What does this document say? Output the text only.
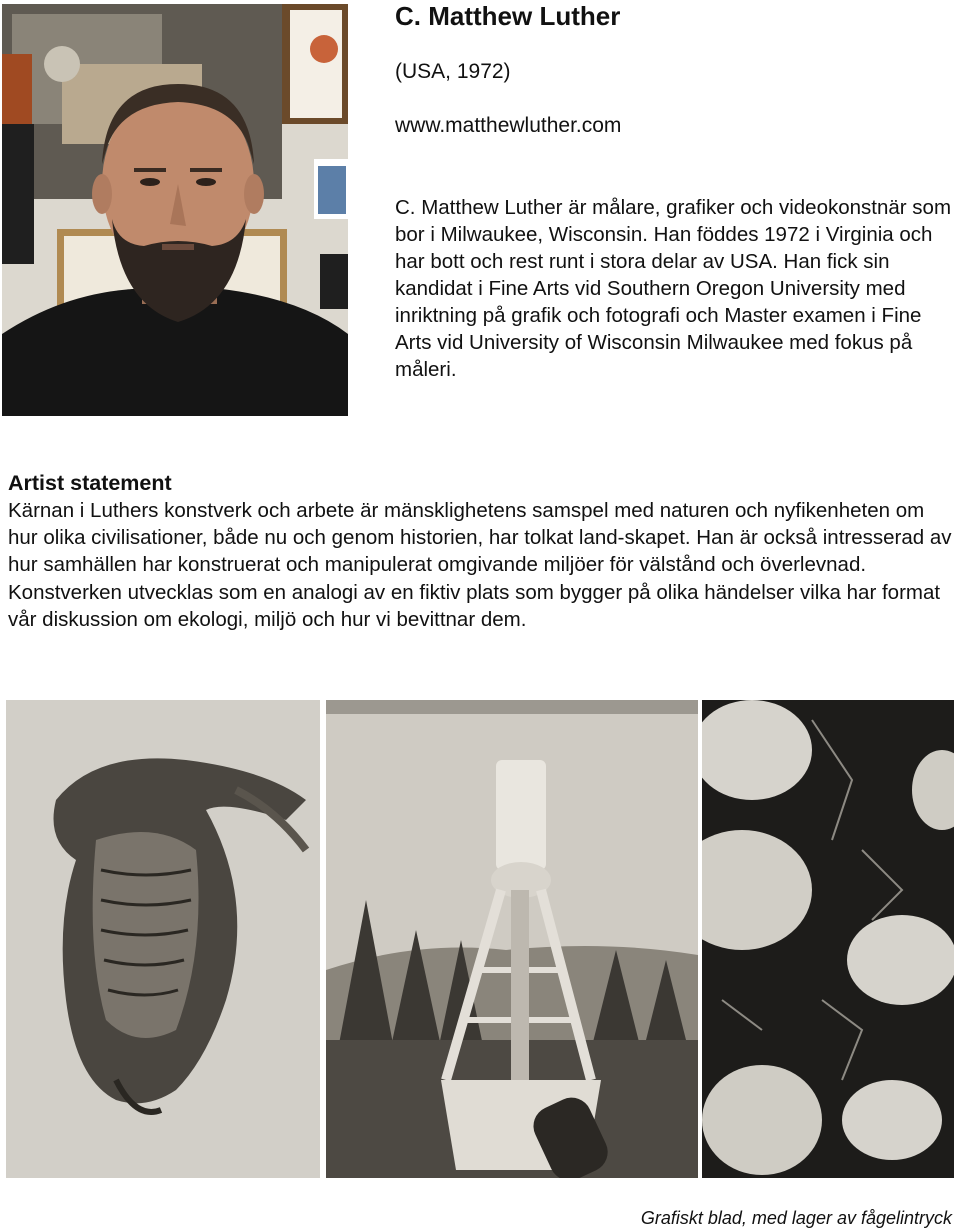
C. Matthew Luther
(USA, 1972)
www.matthewluther.com

C. Matthew Luther är målare, grafiker och videokonstnär som bor i Milwaukee, Wisconsin. Han föddes 1972 i Virginia och har bott och rest runt i stora delar av USA. Han fick sin kandidat i Fine Arts vid Southern Oregon University med inriktning på grafik och fotografi och Master examen i Fine Arts vid University of Wisconsin Milwaukee med fokus på måleri.

Artist statement

Kärnan i Luthers konstverk och arbete är mänsklighetens samspel med naturen och nyfikenheten om hur olika civilisationer, både nu och genom historien, har tolkat land-skapet. Han är också intresserad av hur samhällen har konstruerat och manipulerat omgivande miljöer för välstånd och överlevnad. Konstverken utvecklas som en analogi av en fiktiv plats som bygger på olika händelser vilka har format vår diskussion om ekologi, miljö och hur vi bevittnar dem.

Grafiskt blad, med lager av fågelintryck
